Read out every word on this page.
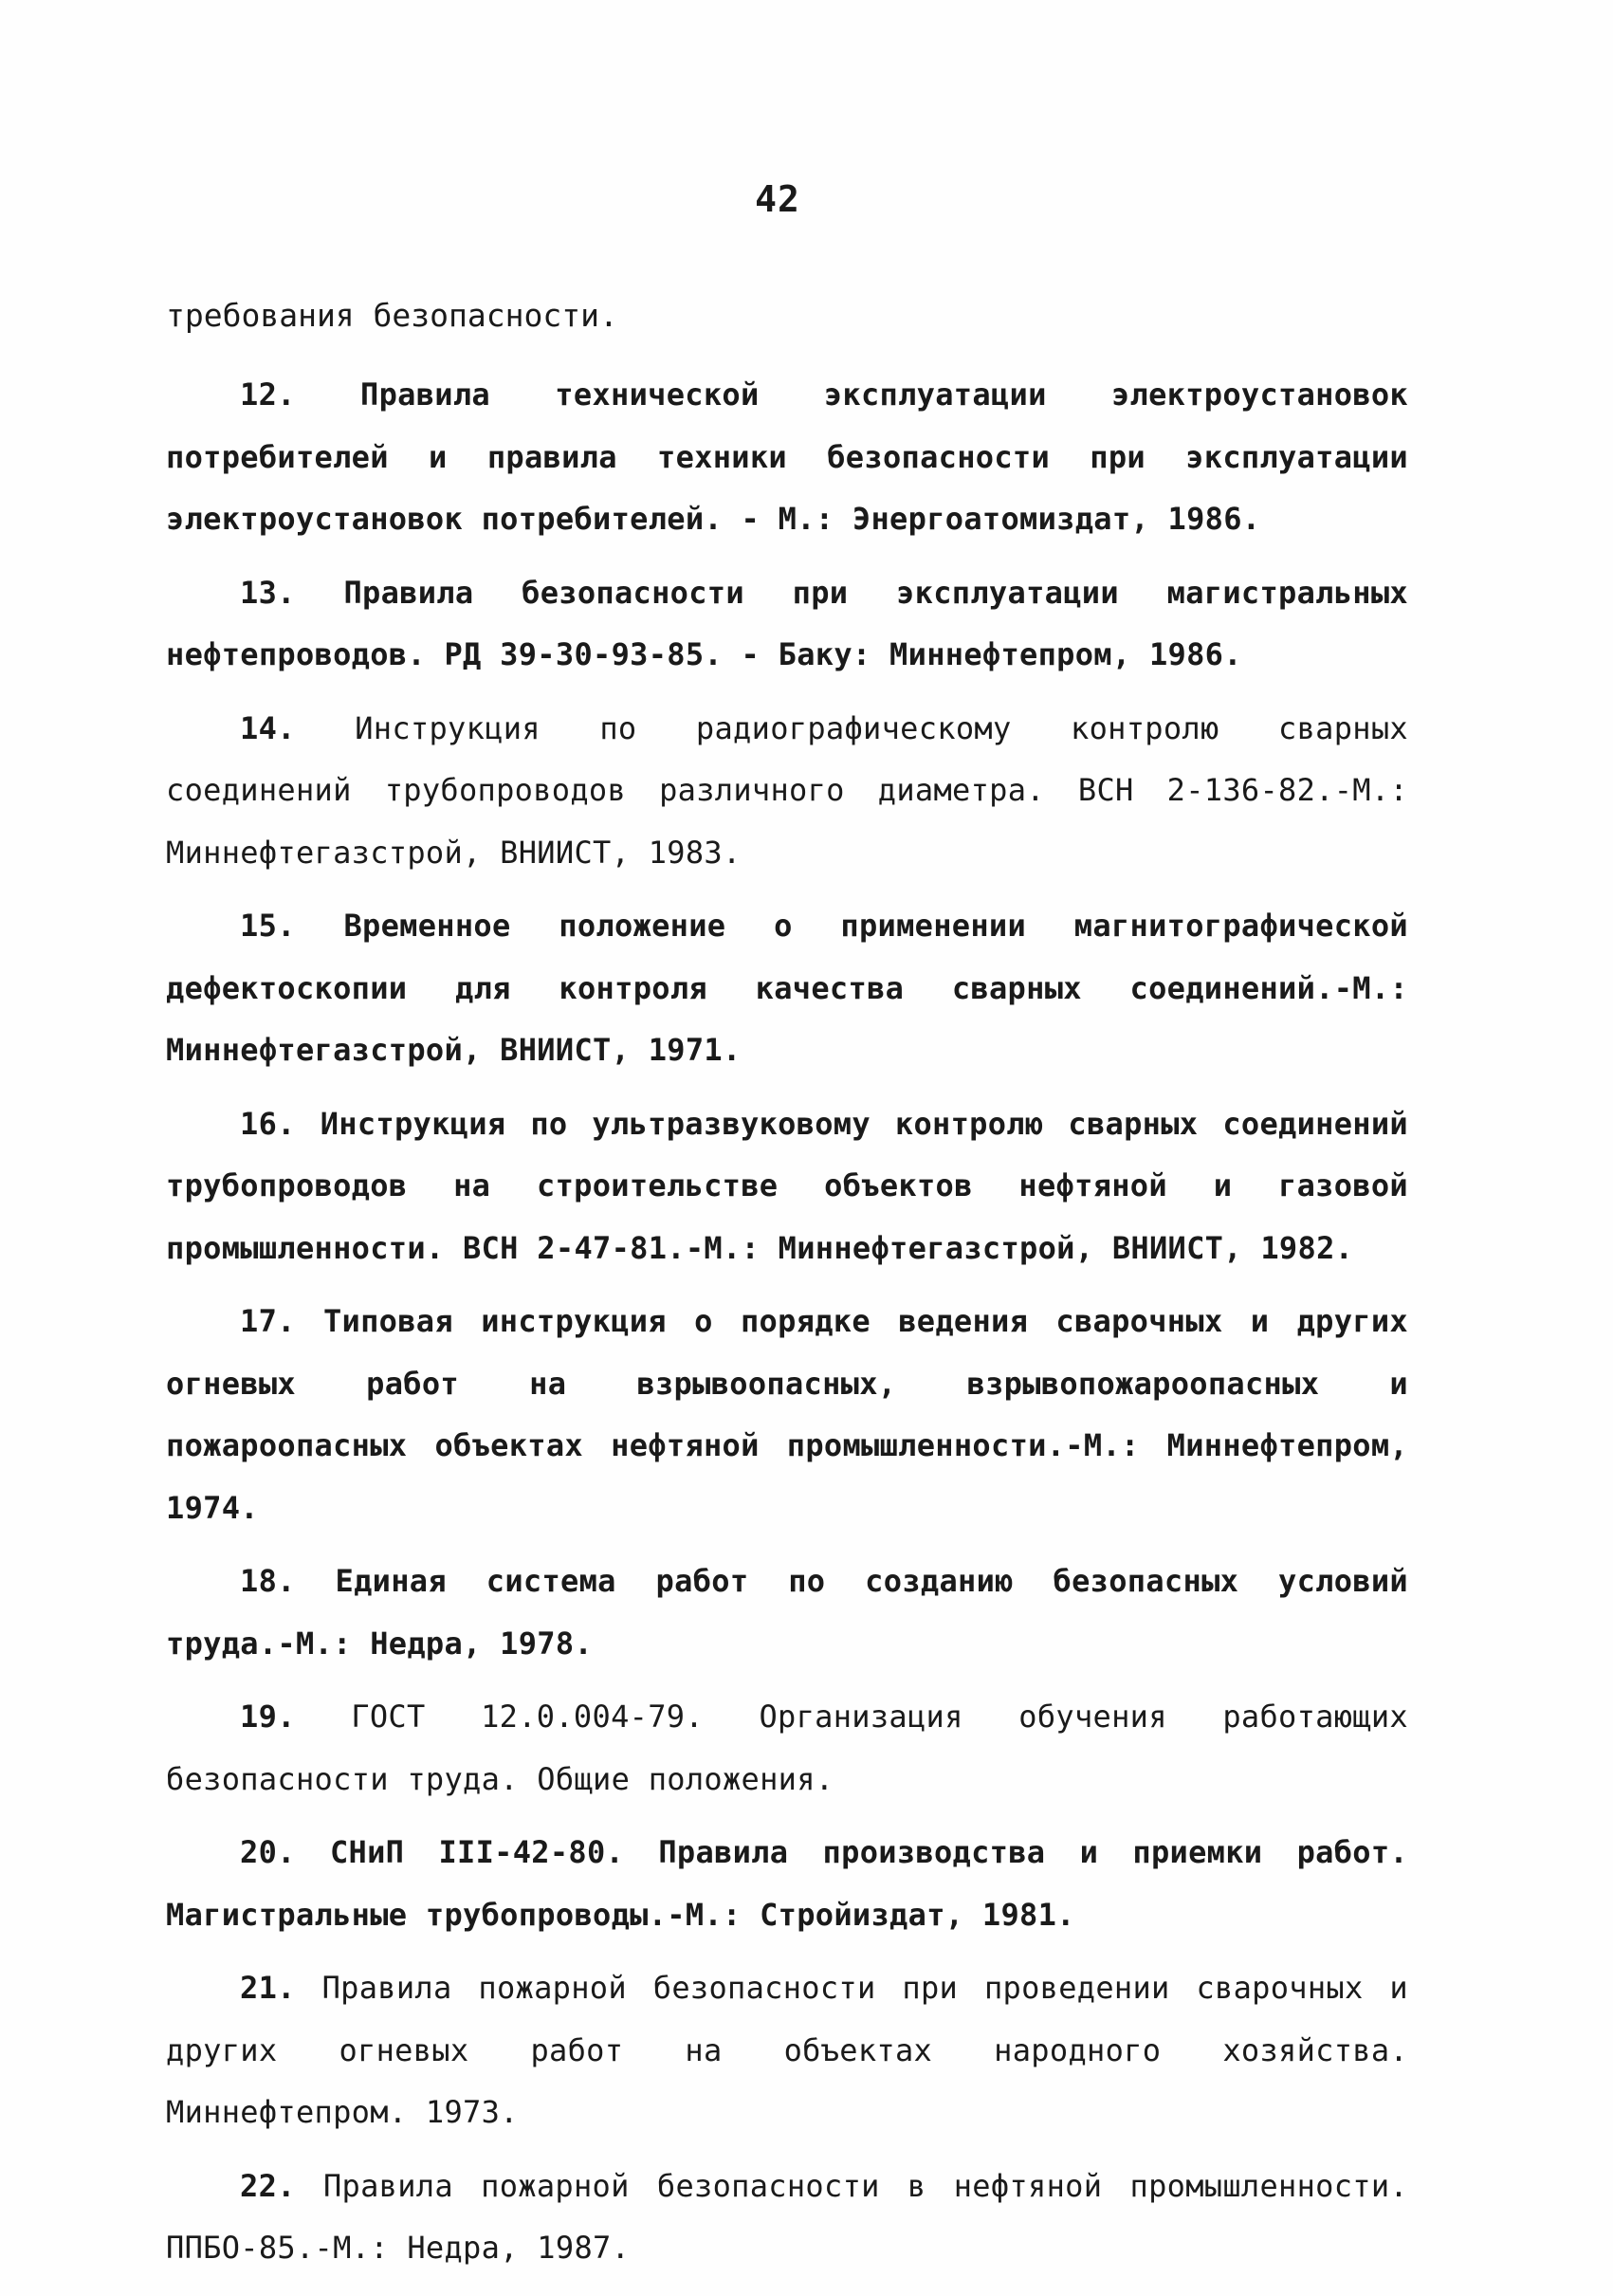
42
требования безопасности.
12. Правила технической эксплуатации электроустановок потребителей и правила техники безопасности при эксплуатации электроустановок потребителей. - М.: Энергоатомиздат, 1986.
13. Правила безопасности при эксплуатации магистральных нефтепроводов. РД 39-30-93-85. - Баку: Миннефтепром, 1986.
14. Инструкция по радиографическому контролю сварных соединений трубопроводов различного диаметра. ВСН 2-136-82.-М.: Миннефтегазстрой, ВНИИСТ, 1983.
15. Временное положение о применении магнитографической дефектоскопии для контроля качества сварных соединений.-М.: Миннефтегазстрой, ВНИИСТ, 1971.
16. Инструкция по ультразвуковому контролю сварных соединений трубопроводов на строительстве объектов нефтяной и газовой промышленности. ВСН 2-47-81.-М.: Миннефтегазстрой, ВНИИСТ, 1982.
17. Типовая инструкция о порядке ведения сварочных и других огневых работ на взрывоопасных, взрывопожароопасных и пожароопасных объектах нефтяной промышленности.-М.: Миннефтепром, 1974.
18. Единая система работ по созданию безопасных условий труда.-М.: Недра, 1978.
19. ГОСТ 12.0.004-79. Организация обучения работающих безопасности труда. Общие положения.
20. СНиП III-42-80. Правила производства и приемки работ. Магистральные трубопроводы.-М.: Стройиздат, 1981.
21. Правила пожарной безопасности при проведении сварочных и других огневых работ на объектах народного хозяйства. Миннефтепром. 1973.
22. Правила пожарной безопасности в нефтяной промышленности. ППБО-85.-М.: Недра, 1987.
